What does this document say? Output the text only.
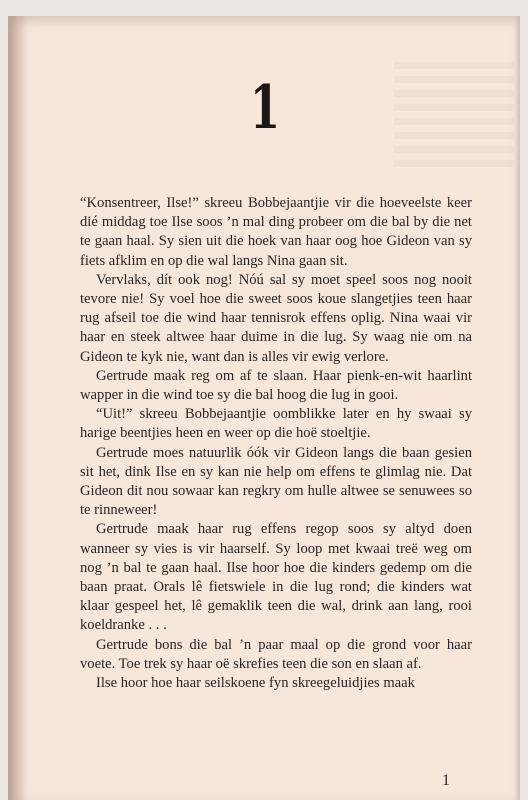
1

“Konsentreer, Ilse!” skreeu Bobbejaantjie vir die hoeveelste keer dié middag toe Ilse soos ’n mal ding probeer om die bal by die net te gaan haal. Sy sien uit die hoek van haar oog hoe Gideon van sy fiets afklim en op die wal langs Nina gaan sit.

Vervlaks, dít ook nog! Nóú sal sy moet speel soos nog nooit tevore nie! Sy voel hoe die sweet soos koue slangetjies teen haar rug afseil toe die wind haar tennisrok effens oplig. Nina waai vir haar en steek altwee haar duime in die lug. Sy waag nie om na Gideon te kyk nie, want dan is alles vir ewig verlore.

Gertrude maak reg om af te slaan. Haar pienk-en-wit haarlint wapper in die wind toe sy die bal hoog die lug in gooi.

“Uit!” skreeu Bobbejaantjie oomblikke later en hy swaai sy harige beentjies heen en weer op die hoë stoeltjie.

Gertrude moes natuurlik óók vir Gideon langs die baan gesien sit het, dink Ilse en sy kan nie help om effens te glimlag nie. Dat Gideon dit nou sowaar kan regkry om hulle altwee se senuwees so te rinneweer!

Gertrude maak haar rug effens regop soos sy altyd doen wanneer sy vies is vir haarself. Sy loop met kwaai treë weg om nog ’n bal te gaan haal. Ilse hoor hoe die kinders gedemp om die baan praat. Orals lê fietswiele in die lug rond; die kinders wat klaar gespeel het, lê gemaklik teen die wal, drink aan lang, rooi koeldranke . . .

Gertrude bons die bal ’n paar maal op die grond voor haar voete. Toe trek sy haar oë skrefies teen die son en slaan af.

Ilse hoor hoe haar seilskoene fyn skreegeluidjies maak

1
